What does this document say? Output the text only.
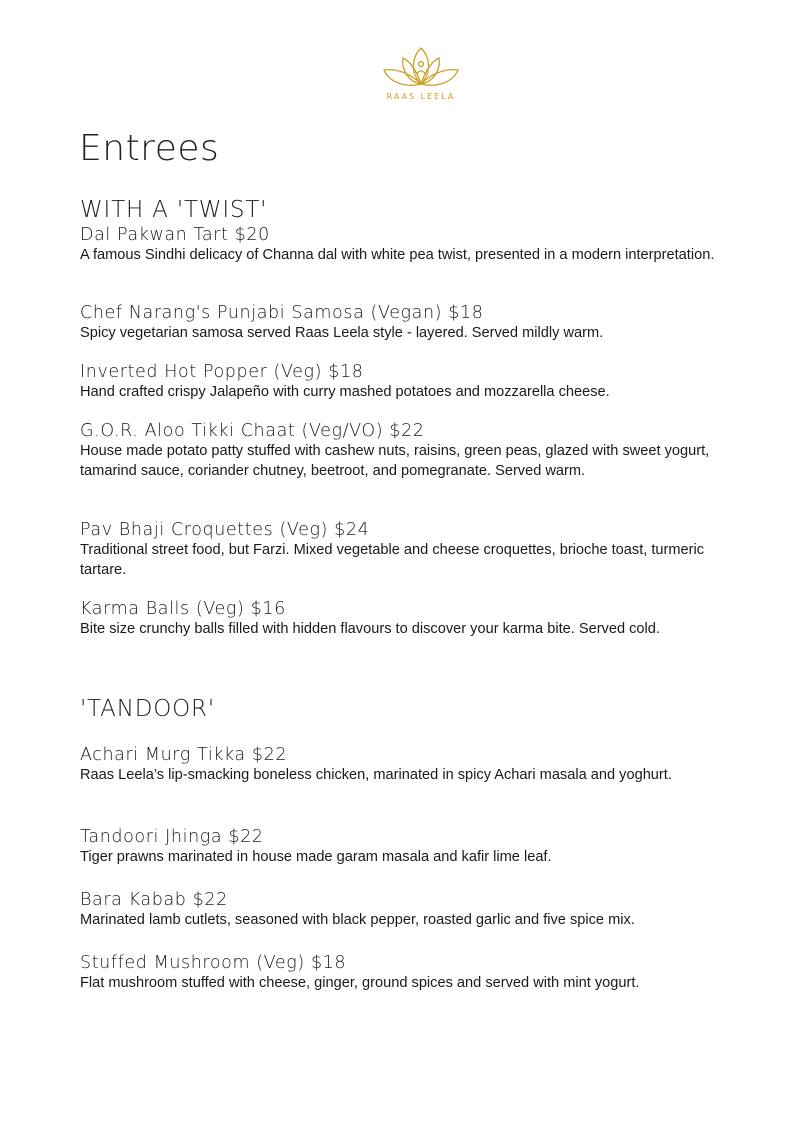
RAAS LEELA
Entrees
WITH A 'TWIST'
Dal Pakwan Tart $20
A famous Sindhi delicacy of Channa dal with white pea twist, presented in a modern interpretation.
Chef Narang's Punjabi Samosa (Vegan) $18
Spicy vegetarian samosa served Raas Leela style - layered. Served mildly warm.
Inverted Hot Popper (Veg) $18
Hand crafted crispy Jalapeño with curry mashed potatoes and mozzarella cheese.
G.O.R. Aloo Tikki Chaat (Veg/VO) $22
House made potato patty stuffed with cashew nuts, raisins, green peas, glazed with sweet yogurt, tamarind sauce, coriander chutney, beetroot, and pomegranate. Served warm.
Pav Bhaji Croquettes (Veg) $24
Traditional street food, but Farzi. Mixed vegetable and cheese croquettes, brioche toast, turmeric tartare.
Karma Balls (Veg) $16
Bite size crunchy balls filled with hidden flavours to discover your karma bite. Served cold.
'TANDOOR'
Achari Murg Tikka $22
Raas Leela’s lip-smacking boneless chicken, marinated in spicy Achari masala and yoghurt.
Tandoori Jhinga $22
Tiger prawns marinated in house made garam masala and kafir lime leaf.
Bara Kabab $22
Marinated lamb cutlets, seasoned with black pepper, roasted garlic and five spice mix.
Stuffed Mushroom (Veg) $18
Flat mushroom stuffed with cheese, ginger, ground spices and served with mint yogurt.
